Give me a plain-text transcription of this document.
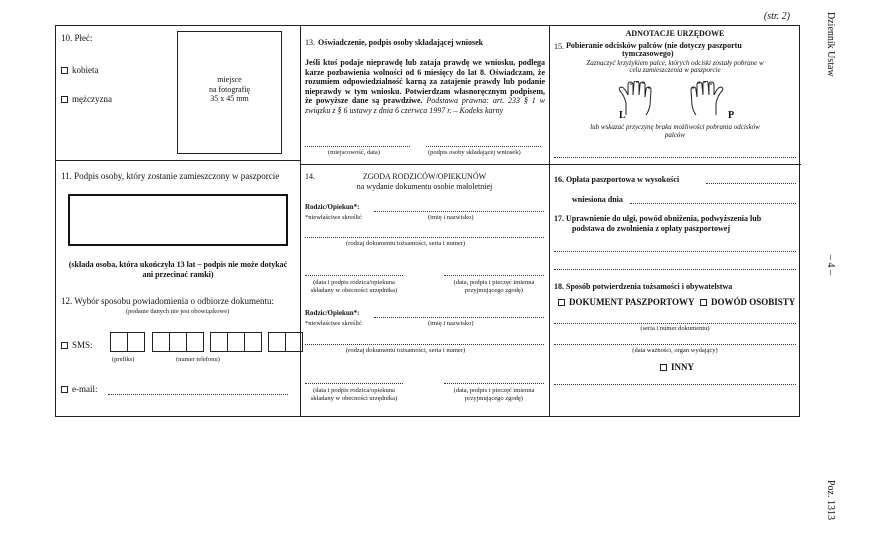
(str. 2)	Dziennik Ustaw
– 4 –
Poz. 1313
10. Płeć:
kobieta
mężczyzna
miejsce
na fotografię
35 x 45 mm
11. Podpis osoby, który zostanie zamieszczony w paszporcie
(składa osoba, która ukończyła 13 lat – podpis nie może dotykać
ani przecinać ramki)
12. Wybór sposobu powiadomienia o odbiorze dokumentu:
(podanie danych nie jest obowiązkowe)
SMS:
(prefiks)	(numer telefonu)
e-mail:
13. Oświadczenie, podpis osoby składającej wniosek
Jeśli ktoś podaje nieprawdę lub zataja prawdę we wniosku, podlega karze pozbawienia wolności od 6 miesięcy do lat 8. Oświadczam, że rozumiem odpowiedzialność karną za zatajenie prawdy lub podanie nieprawdy w tym wniosku. Potwierdzam własnoręcznym podpisem, że powyższe dane są prawdziwe. Podstawa prawna: art. 233 § 1 w związku z § 6 ustawy z dnia 6 czerwca 1997 r. – Kodeks karny
(miejscowość, data)	(podpis osoby składającej wniosek)
14.	ZGODA RODZICÓW/OPIEKUNÓW
na wydanie dokumentu osobie małoletniej
Rodzic/Opiekun*:
*niewłaściwe skreślić	(imię i nazwisko)
(rodzaj dokumentu tożsamości, seria i numer)
(data i podpis rodzica/opiekuna
składany w obecności urzędnika)
(data, podpis i pieczęć imienna
przyjmującego zgodę)
Rodzic/Opiekun*:
*niewłaściwe skreślić	(imię i nazwisko)
(rodzaj dokumentu tożsamości, seria i numer)
(data i podpis rodzica/opiekuna
składany w obecności urzędnika)
(data, podpis i pieczęć imienna
przyjmującego zgodę)
ADNOTACJE URZĘDOWE
15. Pobieranie odcisków palców (nie dotyczy paszportu
tymczasowego)
Zaznaczyć krzyżykiem palce, których odciski zostały pobrane w
celu zamieszczenia w paszporcie
L	P
lub wskazać przyczynę braku możliwości pobrania odcisków
palców
16. Opłata paszportowa w wysokości
wniesiona dnia
17. Uprawnienie do ulgi, powód obniżenia, podwyższenia lub
podstawa do zwolnienia z opłaty paszportowej
18. Sposób potwierdzenia tożsamości i obywatelstwa
DOKUMENT PASZPORTOWY	DOWÓD OSOBISTY
(seria i numer dokumentu)
(data ważności, organ wydający)
INNY
